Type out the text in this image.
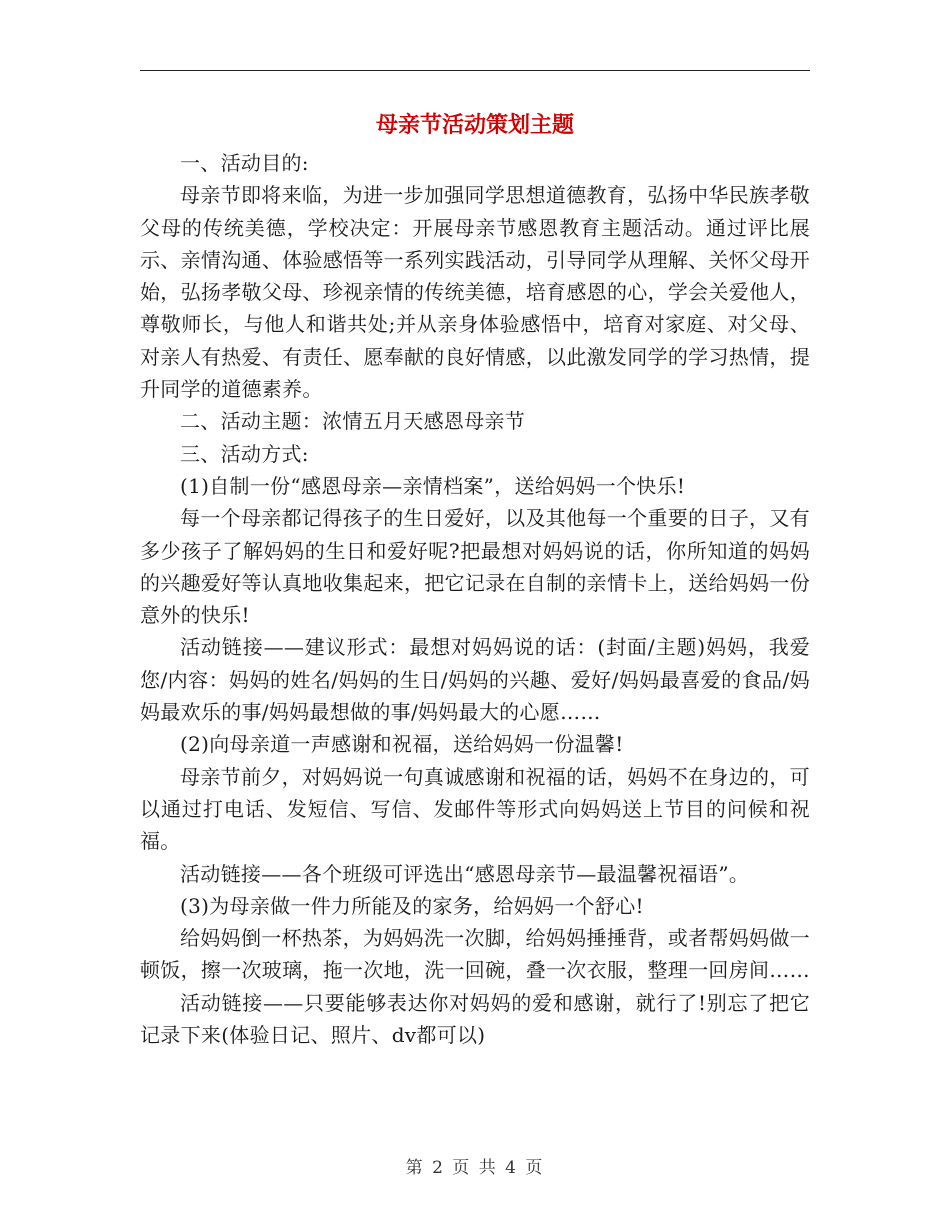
母亲节活动策划主题

一、活动目的:

母亲节即将来临，为进一步加强同学思想道德教育，弘扬中华民族孝敬父母的传统美德，学校决定：开展母亲节感恩教育主题活动。通过评比展示、亲情沟通、体验感悟等一系列实践活动，引导同学从理解、关怀父母开始，弘扬孝敬父母、珍视亲情的传统美德，培育感恩的心，学会关爱他人，尊敬师长，与他人和谐共处;并从亲身体验感悟中，培育对家庭、对父母、对亲人有热爱、有责任、愿奉献的良好情感，以此激发同学的学习热情，提升同学的道德素养。

二、活动主题：浓情五月天感恩母亲节

三、活动方式:

(1)自制一份“感恩母亲—亲情档案”，送给妈妈一个快乐!

每一个母亲都记得孩子的生日爱好，以及其他每一个重要的日子，又有多少孩子了解妈妈的生日和爱好呢?把最想对妈妈说的话，你所知道的妈妈的兴趣爱好等认真地收集起来，把它记录在自制的亲情卡上，送给妈妈一份意外的快乐!

活动链接——建议形式：最想对妈妈说的话：(封面/主题)妈妈，我爱您/内容：妈妈的姓名/妈妈的生日/妈妈的兴趣、爱好/妈妈最喜爱的食品/妈妈最欢乐的事/妈妈最想做的事/妈妈最大的心愿……

(2)向母亲道一声感谢和祝福，送给妈妈一份温馨!

母亲节前夕，对妈妈说一句真诚感谢和祝福的话，妈妈不在身边的，可以通过打电话、发短信、写信、发邮件等形式向妈妈送上节目的问候和祝福。

活动链接——各个班级可评选出“感恩母亲节—最温馨祝福语”。

(3)为母亲做一件力所能及的家务，给妈妈一个舒心!

给妈妈倒一杯热茶，为妈妈洗一次脚，给妈妈捶捶背，或者帮妈妈做一顿饭，擦一次玻璃，拖一次地，洗一回碗，叠一次衣服，整理一回房间……

活动链接——只要能够表达你对妈妈的爱和感谢，就行了!别忘了把它记录下来(体验日记、照片、dv都可以)

第 2 页 共 4 页
